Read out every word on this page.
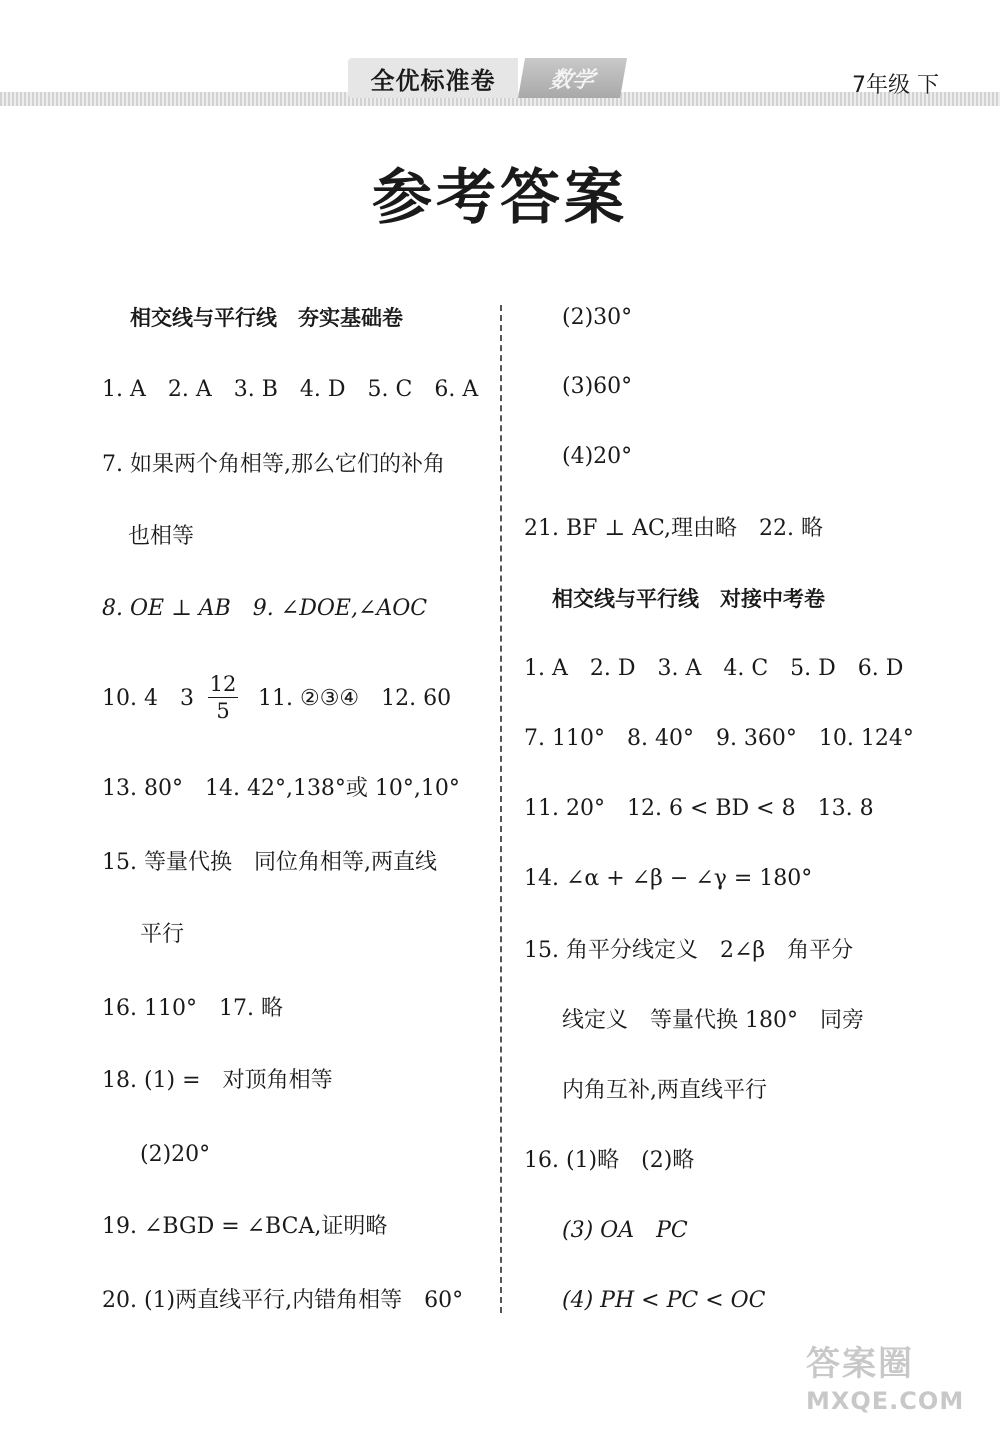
全优标准卷	数学	7年级 下
参考答案
相交线与平行线　夯实基础卷
1. A　2. A　3. B　4. D　5. C　6. A
7. 如果两个角相等,那么它们的补角
也相等
8. OE ⊥ AB　9. ∠DOE,∠AOC
10. 4　3
12
5	11. ②③④　12. 60
13. 80°　14. 42°,138°或 10°,10°
15. 等量代换　同位角相等,两直线
平行
16. 110°　17. 略
18. (1) =　对顶角相等
(2)20°
19. ∠BGD = ∠BCA,证明略
20. (1)两直线平行,内错角相等　60°
(2)30°
(3)60°
(4)20°
21. BF ⊥ AC,理由略　22. 略
相交线与平行线　对接中考卷
1. A　2. D　3. A　4. C　5. D　6. D
7. 110°　8. 40°　9. 360°　10. 124°
11. 20°　12. 6 < BD < 8　13. 8
14. ∠α + ∠β − ∠γ = 180°
15. 角平分线定义　2∠β　角平分
线定义　等量代换 180°　同旁
内角互补,两直线平行
16. (1)略　(2)略
(3) OA　PC
(4) PH < PC < OC
答案圈
MXQE.COM
